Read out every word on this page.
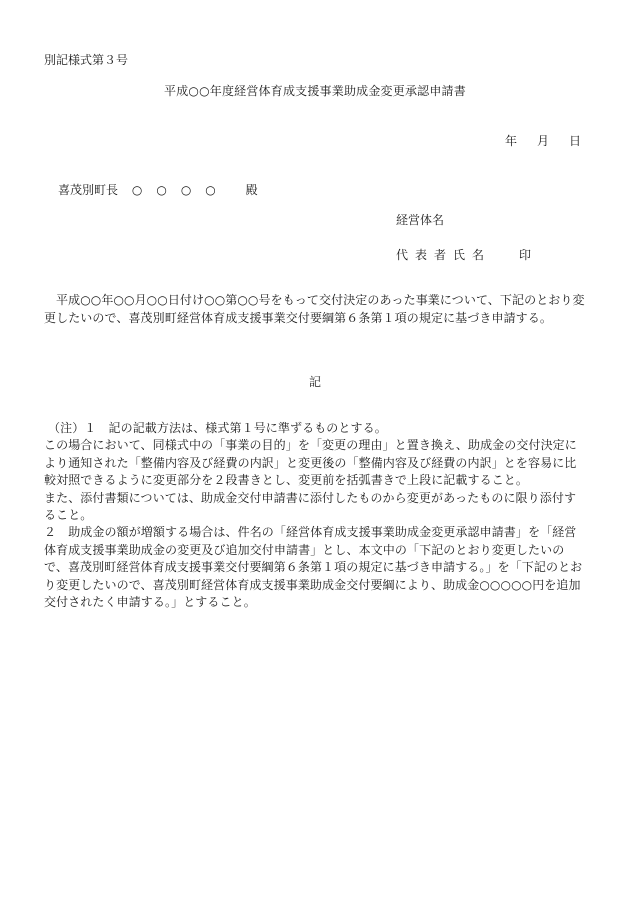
別記様式第３号
平成○○年度経営体育成支援事業助成金変更承認申請書
年 月 日
喜茂別町長 ○ ○ ○ ○ 殿
経営体名
代表者氏名 印
平成○○年○○月○○日付け○○第○○号をもって交付決定のあった事業について、下記のとおり変更したいので、喜茂別町経営体育成支援事業交付要綱第６条第１項の規定に基づき申請する。
記

（注）１　記の記載方法は、様式第１号に準ずるものとする。

この場合において、同様式中の「事業の目的」を「変更の理由」と置き換え、助成金の交付決定により通知された「整備内容及び経費の内訳」と変更後の「整備内容及び経費の内訳」とを容易に比較対照できるように変更部分を２段書きとし、変更前を括弧書きで上段に記載すること。

また、添付書類については、助成金交付申請書に添付したものから変更があったものに限り添付すること。

２　助成金の額が増額する場合は、件名の「経営体育成支援事業助成金変更承認申請書」を「経営体育成支援事業助成金の変更及び追加交付申請書」とし、本文中の「下記のとおり変更したいので、喜茂別町経営体育成支援事業交付要綱第６条第１項の規定に基づき申請する。」を「下記のとおり変更したいので、喜茂別町経営体育成支援事業助成金交付要綱により、助成金○○○○○円を追加交付されたく申請する。」とすること。
